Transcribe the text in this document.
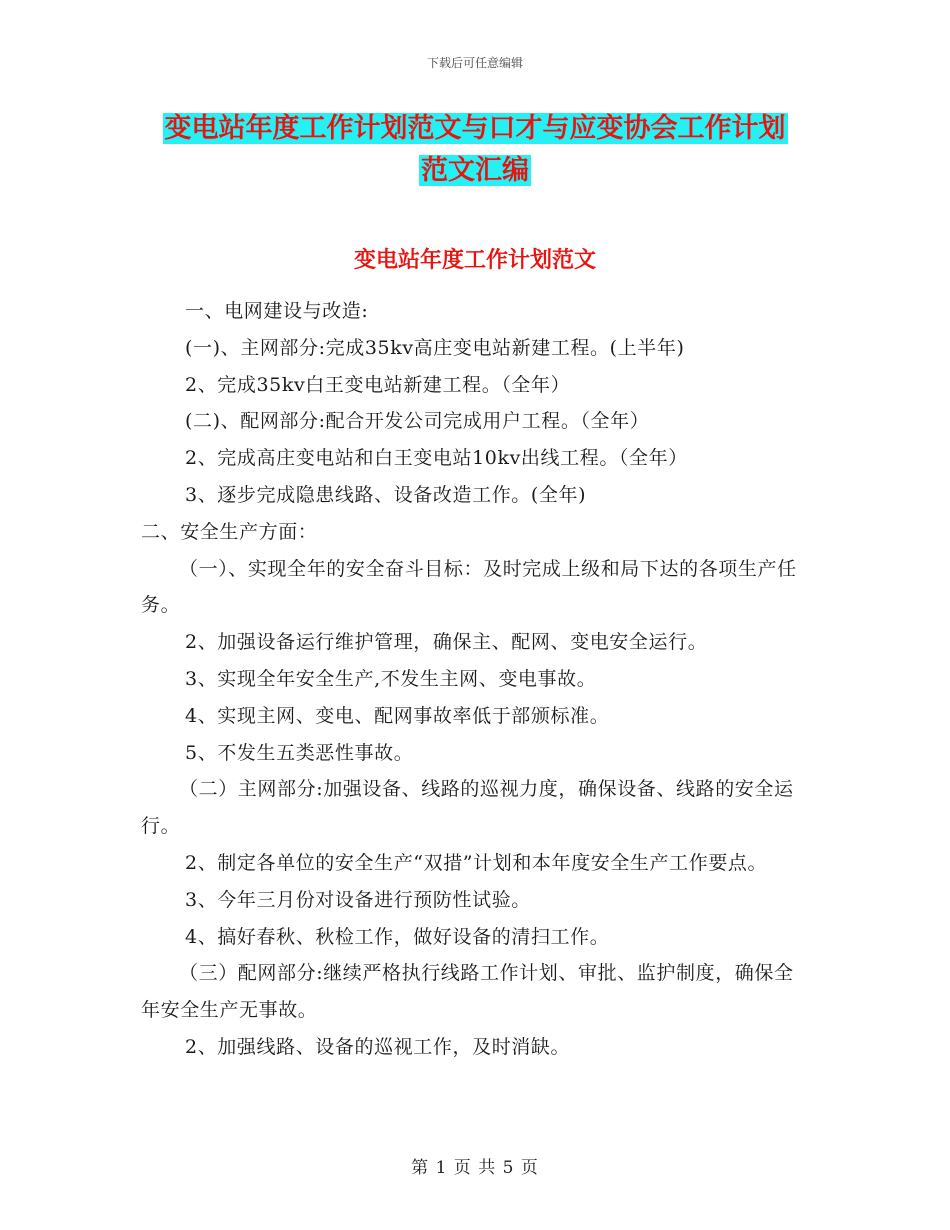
下载后可任意编辑
变电站年度工作计划范文与口才与应变协会工作计划
范文汇编
变电站年度工作计划范文

一、电网建设与改造:

(一)、主网部分:完成35kv高庄变电站新建工程。(上半年)

2、完成35kv白王变电站新建工程。（全年）

(二)、配网部分:配合开发公司完成用户工程。（全年）

2、完成高庄变电站和白王变电站10kv出线工程。（全年）

3、逐步完成隐患线路、设备改造工作。(全年)

二、安全生产方面：

（一）、实现全年的安全奋斗目标：及时完成上级和局下达的各项生产任务。

2、加强设备运行维护管理，确保主、配网、变电安全运行。

3、实现全年安全生产,不发生主网、变电事故。

4、实现主网、变电、配网事故率低于部颁标准。

5、不发生五类恶性事故。

（二）主网部分:加强设备、线路的巡视力度，确保设备、线路的安全运行。

2、制定各单位的安全生产“双措”计划和本年度安全生产工作要点。

3、今年三月份对设备进行预防性试验。

4、搞好春秋、秋检工作，做好设备的清扫工作。

（三）配网部分:继续严格执行线路工作计划、审批、监护制度，确保全年安全生产无事故。

2、加强线路、设备的巡视工作，及时消缺。

第 1 页 共 5 页
